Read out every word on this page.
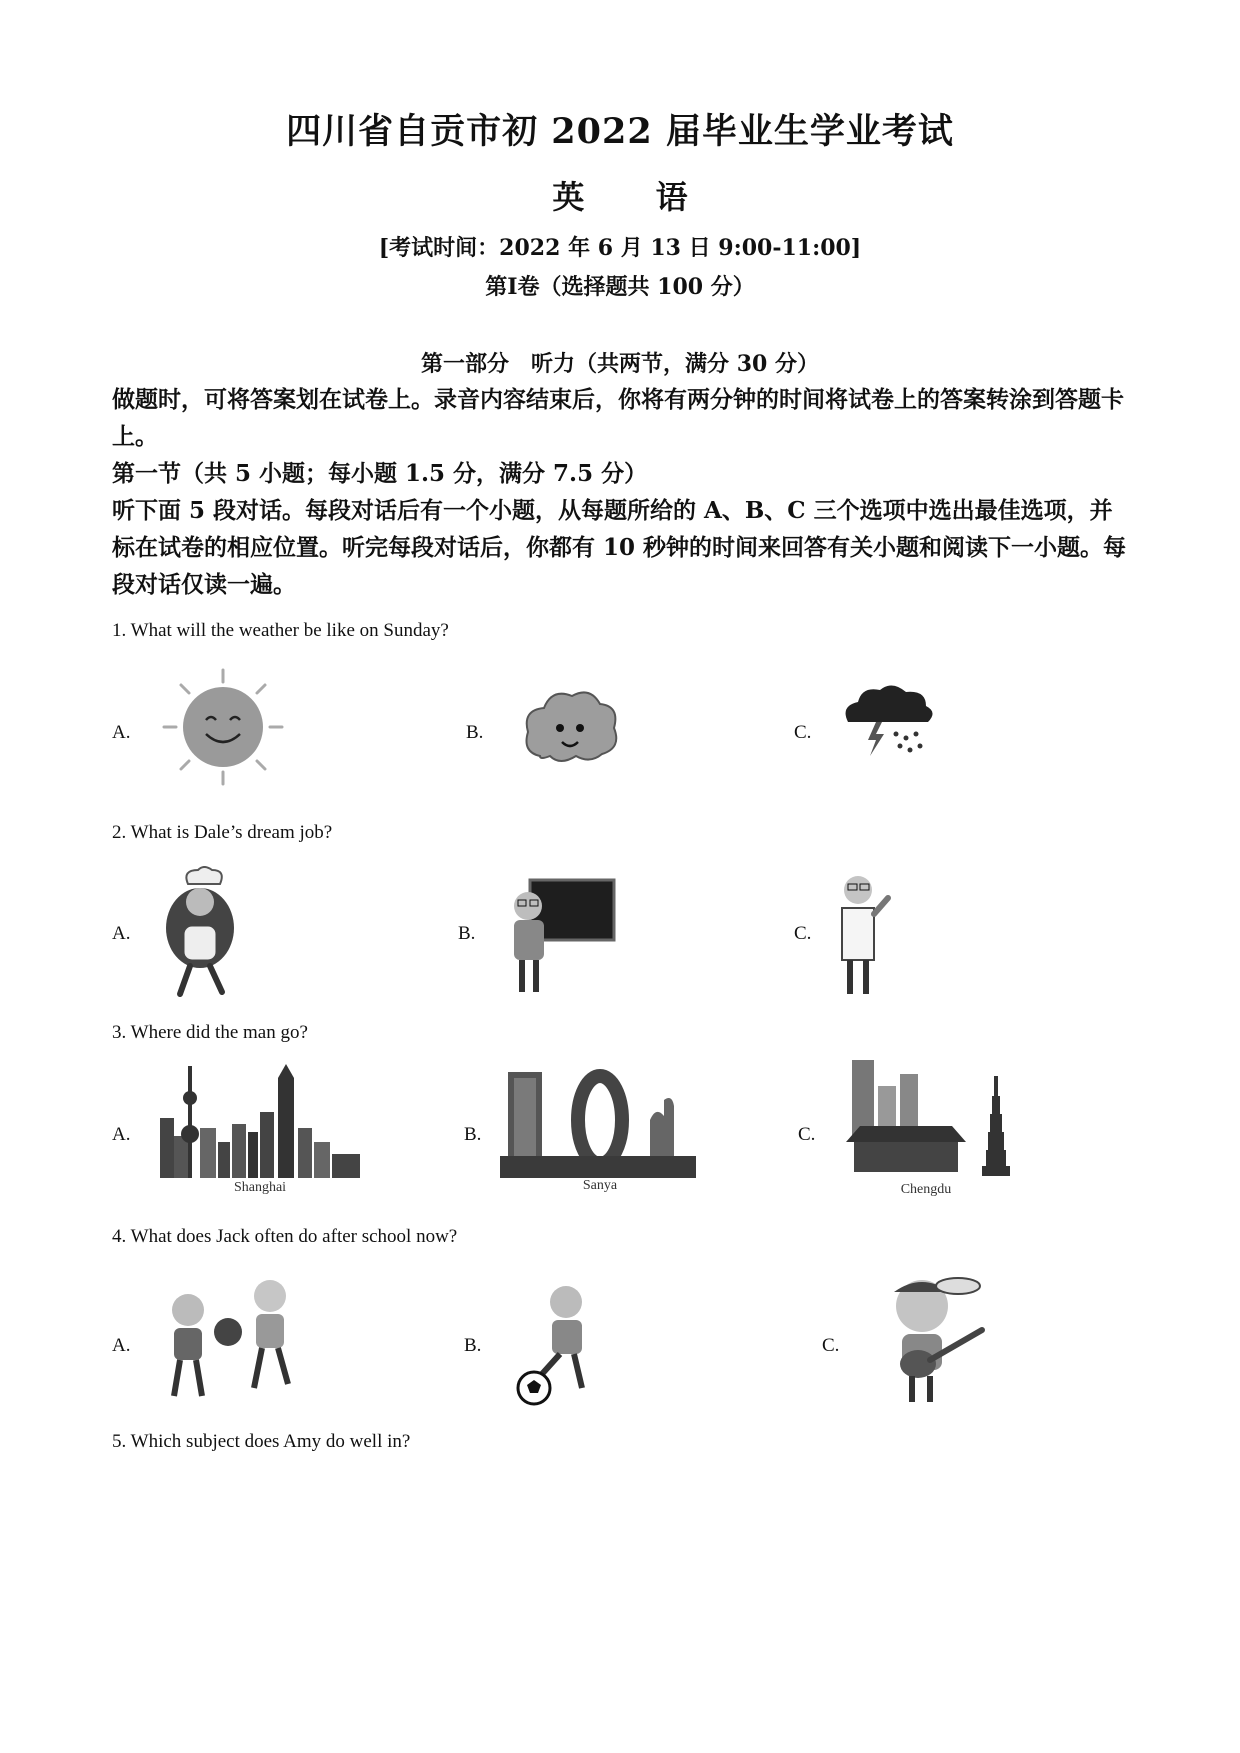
四川省自贡市初 2022 届毕业生学业考试
英 语
[考试时间：2022 年 6 月 13 日 9:00-11:00]
第Ⅰ卷（选择题共 100 分）
第一部分　听力（共两节，满分 30 分）
做题时，可将答案划在试卷上。录音内容结束后，你将有两分钟的时间将试卷上的答案转涂到答题卡上。
第一节（共 5 小题；每小题 1.5 分，满分 7.5 分）
听下面 5 段对话。每段对话后有一个小题，从每题所给的 A、B、C 三个选项中选出最佳选项，并标在试卷的相应位置。听完每段对话后，你都有 10 秒钟的时间来回答有关小题和阅读下一小题。每段对话仅读一遍。
1. What will the weather be like on Sunday?
A.	B.	C.
2. What is Dale’s dream job?
A.	B.	C.
3. Where did the man go?
A.	B.	C.
Shanghai	Sanya	Chengdu
4. What does Jack often do after school now?
A.	B.	C.
5. Which subject does Amy do well in?
